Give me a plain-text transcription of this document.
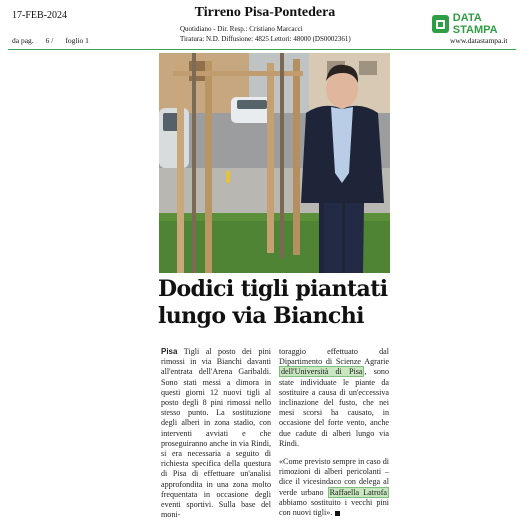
17-FEB-2024
da pag. 6 / foglio 1
Tirreno Pisa-Pontedera
Quotidiano - Dir. Resp.: Cristiano Marcacci
Tiratura: N.D. Diffusione: 4825 Lettori: 48000 (DS0002361)
DATA STAMPA
www.datastampa.it
Dodici tigli piantati
lungo via Bianchi
Pisa Tigli al posto dei pini rimossi in via Bianchi davanti all'entrata dell'Arena Garibaldi. Sono stati messi a dimora in questi giorni 12 nuovi tigli al posto degli 8 pini rimossi nello stesso punto. La sostituzione degli alberi in zona stadio, con interventi avviati e che proseguiranno anche in via Rindi, si era necessaria a seguito di richiesta specifica della questura di Pisa di effettuare un'analisi approfondita in una zona molto frequentata in occasione degli eventi sportivi. Sulla base del moni-

toraggio effettuato dal Dipartimento di Scienze Agrarie dell'Università di Pisa , sono state individuate le piante da sostituire a causa di un'eccessiva inclinazione del fusto, che nei mesi scorsi ha causato, in occasione del forte vento, anche due cadute di alberi lungo via Rindi.

«Come previsto sempre in caso di rimozioni di alberi pericolanti – dice il vicesindaco con delega al verde urbano Raffaella Latrofa abbiamo sostituito i vecchi pini con nuovi tigli».
